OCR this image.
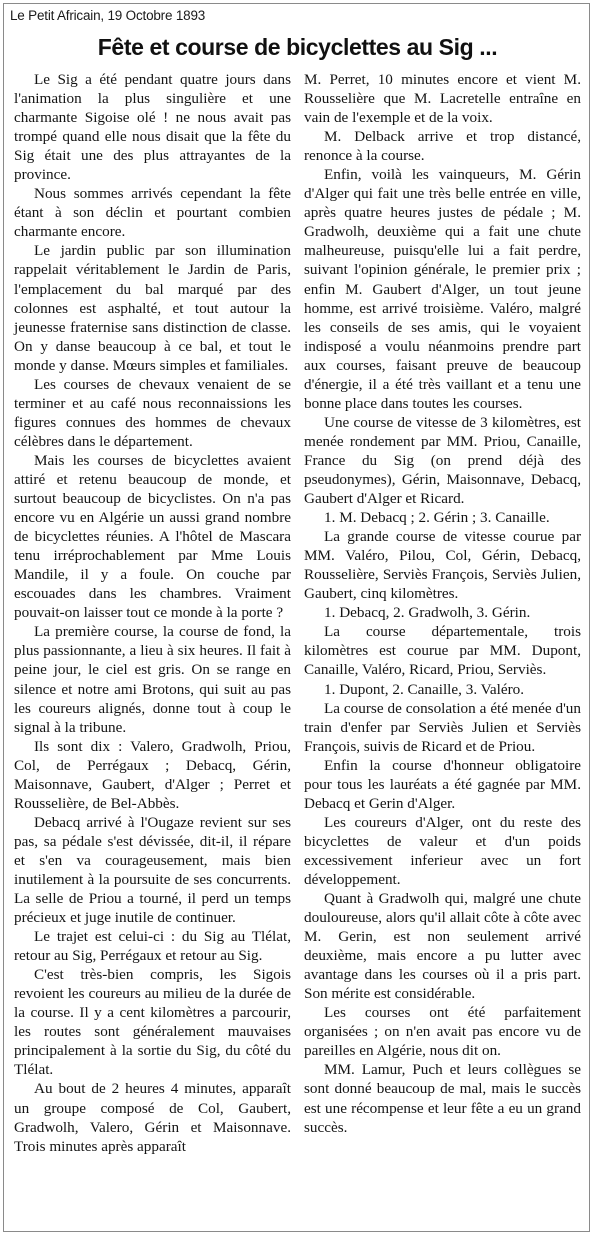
Le Petit Africain, 19 Octobre 1893
Fête et course de bicyclettes au Sig ...

Le Sig a été pendant quatre jours dans l'animation la plus singulière et une charmante Sigoise olé ! ne nous avait pas trompé quand elle nous disait que la fête du Sig était une des plus attrayantes de la province.

Nous sommes arrivés cependant la fête étant à son déclin et pourtant combien charmante encore.

Le jardin public par son illumination rappelait véritablement le Jardin de Paris, l'emplacement du bal marqué par des colonnes est asphalté, et tout autour la jeunesse fraternise sans distinction de classe. On y danse beaucoup à ce bal, et tout le monde y danse. Mœurs simples et familiales.

Les courses de chevaux venaient de se terminer et au café nous reconnaissions les figures connues des hommes de chevaux célèbres dans le département.

Mais les courses de bicyclettes avaient attiré et retenu beaucoup de monde, et surtout beaucoup de bicyclistes. On n'a pas encore vu en Algérie un aussi grand nombre de bicyclettes réunies. A l'hôtel de Mascara tenu irréprochablement par Mme Louis Mandile, il y a foule. On couche par escouades dans les chambres. Vraiment pouvait-on laisser tout ce monde à la porte ?

La première course, la course de fond, la plus passionnante, a lieu à six heures. Il fait à peine jour, le ciel est gris. On se range en silence et notre ami Brotons, qui suit au pas les coureurs alignés, donne tout à coup le signal à la tribune.

Ils sont dix : Valero, Gradwolh, Priou, Col, de Perrégaux ; Debacq, Gérin, Maisonnave, Gaubert, d'Alger ; Perret et Rousselière, de Bel-Abbès.

Debacq arrivé à l'Ougaze revient sur ses pas, sa pédale s'est dévissée, dit-il, il répare et s'en va courageusement, mais bien inutilement à la poursuite de ses concurrents. La selle de Priou a tourné, il perd un temps précieux et juge inutile de continuer.

Le trajet est celui-ci : du Sig au Tlélat, retour au Sig, Perrégaux et retour au Sig.

C'est très-bien compris, les Sigois revoient les coureurs au milieu de la durée de la course. Il y a cent kilomètres a parcourir, les routes sont généralement mauvaises principalement à la sortie du Sig, du côté du Tlélat.

Au bout de 2 heures 4 minutes, apparaît un groupe composé de Col, Gaubert, Gradwolh, Valero, Gérin et Maisonnave. Trois minutes après apparaît

M. Perret, 10 minutes encore et vient M. Rousselière que M. Lacretelle entraîne en vain de l'exemple et de la voix.

M. Delback arrive et trop distancé, renonce à la course.

Enfin, voilà les vainqueurs, M. Gérin d'Alger qui fait une très belle entrée en ville, après quatre heures justes de pédale ; M. Gradwolh, deuxième qui a fait une chute malheureuse, puisqu'elle lui a fait perdre, suivant l'opinion générale, le premier prix ; enfin M. Gaubert d'Alger, un tout jeune homme, est arrivé troisième. Valéro, malgré les conseils de ses amis, qui le voyaient indisposé a voulu néanmoins prendre part aux courses, faisant preuve de beaucoup d'énergie, il a été très vaillant et a tenu une bonne place dans toutes les courses.

Une course de vitesse de 3 kilomètres, est menée rondement par MM. Priou, Canaille, France du Sig (on prend déjà des pseudonymes), Gérin, Maisonnave, Debacq, Gaubert d'Alger et Ricard.

1. M. Debacq ; 2. Gérin ; 3. Canaille.

La grande course de vitesse courue par MM. Valéro, Pilou, Col, Gérin, Debacq, Rousselière, Serviès François, Serviès Julien, Gaubert, cinq kilomètres.

1. Debacq, 2. Gradwolh, 3. Gérin.

La course départementale, trois kilomètres est courue par MM. Dupont, Canaille, Valéro, Ricard, Priou, Serviès.

1. Dupont, 2. Canaille, 3. Valéro.

La course de consolation a été menée d'un train d'enfer par Serviès Julien et Serviès François, suivis de Ricard et de Priou.

Enfin la course d'honneur obligatoire pour tous les lauréats a été gagnée par MM. Debacq et Gerin d'Alger.

Les coureurs d'Alger, ont du reste des bicyclettes de valeur et d'un poids excessivement inferieur avec un fort développement.

Quant à Gradwolh qui, malgré une chute douloureuse, alors qu'il allait côte à côte avec M. Gerin, est non seulement arrivé deuxième, mais encore a pu lutter avec avantage dans les courses où il a pris part. Son mérite est considérable.

Les courses ont été parfaitement organisées ; on n'en avait pas encore vu de pareilles en Algérie, nous dit on.

MM. Lamur, Puch et leurs collègues se sont donné beaucoup de mal, mais le succès est une récompense et leur fête a eu un grand succès.
